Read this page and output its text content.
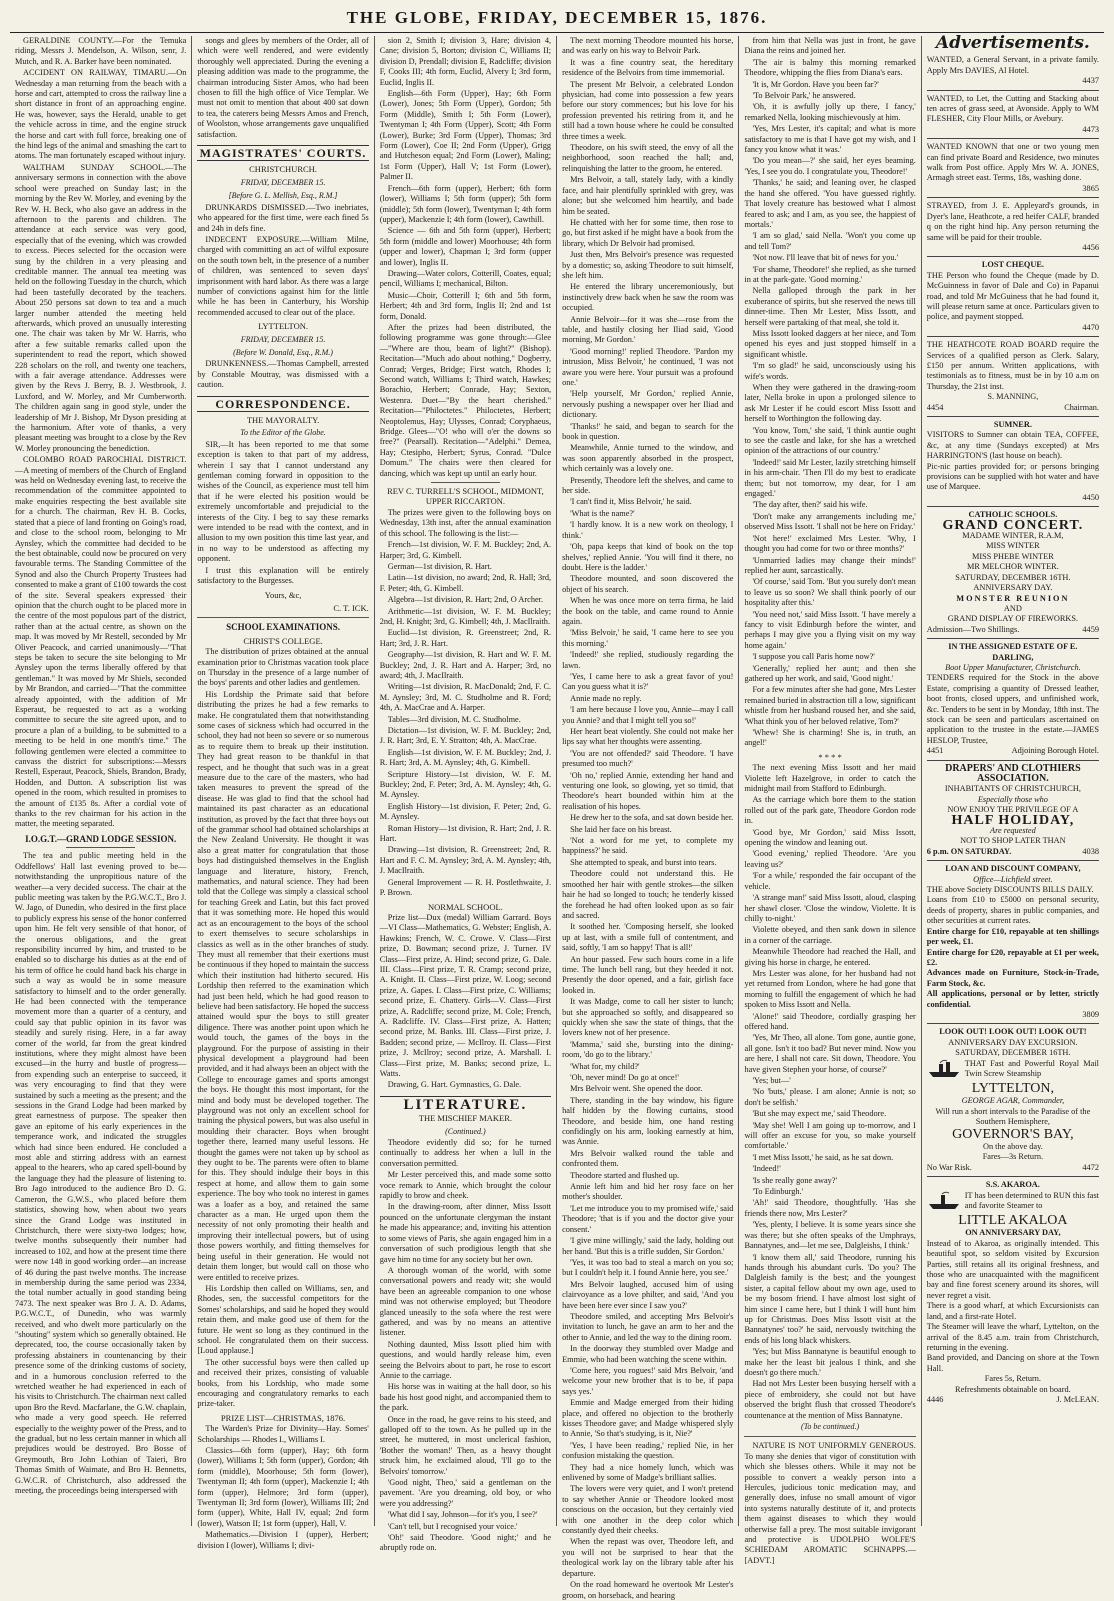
THE GLOBE, FRIDAY, DECEMBER 15, 1876.

GERALDINE COUNTY.—For the Temuka riding, Messrs J. Mendelson, A. Wilson, senr, J. Mutch, and R. A. Barker have been nominated.

ACCIDENT ON RAILWAY, TIMARU.—On Wednesday a man returning from the beach with a horse and cart, attempted to cross the railway line a short distance in front of an approaching engine. He was, however, says the Herald, unable to get the vehicle across in time, and the engine struck the horse and cart with full force, breaking one of the hind legs of the animal and smashing the cart to atoms. The man fortunately escaped without injury.

WALTHAM SUNDAY SCHOOL.—The anniversary sermons in connection with the above school were preached on Sunday last; in the morning by the Rev W. Morley, and evening by the Rev W. H. Beck, who also gave an address in the afternoon to the parents and children. The attendance at each service was very good, especially that of the evening, which was crowded to excess. Pieces selected for the occasion were sung by the children in a very pleasing and creditable manner. The annual tea meeting was held on the following Tuesday in the church, which had been tastefully decorated by the teachers. About 250 persons sat down to tea and a much larger number attended the meeting held afterwards, which proved an unusually interesting one. The chair was taken by Mr W. Harris, who after a few suitable remarks called upon the superintendent to read the report, which showed 228 scholars on the roll, and twenty one teachers, with a fair average attendance. Addresses were given by the Revs J. Berry, B. J. Westbrook, J. Luxford, and W. Morley, and Mr Cumberworth. The children again sang in good style, under the leadership of Mr J. Bishop, Mr Dyson presiding at the harmonium. After vote of thanks, a very pleasant meeting was brought to a close by the Rev W. Morley pronouncing the benediction.

COLOMBO ROAD PAROCHIAL DISTRICT.—A meeting of members of the Church of England was held on Wednesday evening last, to receive the recommendation of the committee appointed to make enquiries respecting the best available site for a church. The chairman, Rev H. B. Cocks, stated that a piece of land fronting on Going's road, and close to the school room, belonging to Mr Aynsley, which the committee had decided to be the best obtainable, could now be procured on very favourable terms. The Standing Committee of the Synod and also the Church Property Trustees had consented to make a grant of £100 towards the cost of the site. Several speakers expressed their opinion that the church ought to be placed more in the centre of the most populous part of the district, rather than at the actual centre, as shown on the map. It was moved by Mr Restell, seconded by Mr Oliver Peacock, and carried unanimously—"That steps be taken to secure the site belonging to Mr Aynsley upon the terms liberally offered by that gentleman." It was moved by Mr Shiels, seconded by Mr Brandon, and carried—"That the committee already appointed, with the addition of Mr Esperaut, be requested to act as a working committee to secure the site agreed upon, and to procure a plan of a building, to be submitted to a meeting to be held in one month's time." The following gentlemen were elected a committee to canvass the district for subscriptions:—Messrs Restell, Esperaut, Peacock, Shiels, Brandon, Brady, Hodden, and Dutton. A subscription list was opened in the room, which resulted in promises to the amount of £135 8s. After a cordial vote of thanks to the rev chairman for his action in the matter, the meeting separated.

I.O.G.T.—GRAND LODGE SESSION.

The tea and public meeting held in the Oddfellows' Hall last evening proved to be—notwithstanding the unpropitious nature of the weather—a very decided success. The chair at the public meeting was taken by the P.G.W.C.T., Bro J. W. Jago, of Dunedin, who desired in the first place to publicly express his sense of the honor conferred upon him. He felt very sensible of that honor, of the onerous obligations, and the great responsibility incurred by him, and trusted to be enabled so to discharge his duties as at the end of his term of office he could hand back his charge in such a way as would be in some measure satisfactory to himself and to the order generally. He had been connected with the temperance movement more than a quarter of a century, and could say that public opinion in its favor was steadily and surely rising. Here, in a far away corner of the world, far from the great kindred institutions, where they might almost have been excused—in the hurry and bustle of progress—from expending such an enterprise to succeed, it was very encouraging to find that they were sustained by such a meeting as the present; and the sessions in the Grand Lodge had been marked by great earnestness of purpose. The speaker then gave an epitome of his early experiences in the temperance work, and indicated the struggles which had since been endured. He concluded a most able and stirring address with an earnest appeal to the hearers, who ap cared spell-bound by the language they had the pleasure of listening to. Bro Jago introduced to the audience Bro D. G. Cameron, the G.W.S., who placed before them statistics, showing how, when about two years since the Grand Lodge was instituted in Christchurch, there were sixty-two lodges; how, twelve months subsequently their number had increased to 102, and how at the present time there were now 148 in good working order—an increase of 46 during the past twelve months. The increase in membership during the same period was 2334, the total number actually in good standing being 7473. The next speaker was Bro J. A. D. Adams, P.G.W.C.T., of Dunedin, who was warmly received, and who dwelt more particularly on the "shouting" system which so generally obtained. He deprecated, too, the course occasionally taken by professing abstainers in countenancing by their presence some of the drinking customs of society, and in a humorous conclusion referred to the wretched weather he had experienced in each of his visits to Christchurch. The chairman next called upon Bro the Revd. Macfarlane, the G.W. chaplain, who made a very good speech. He referred especially to the weighty power of the Press, and to the gradual, but no less certain manner in which all prejudices would be destroyed. Bro Bosse of Greymouth, Bro John Lothian of Taieri, Bro Thomas Smith of Waimate, and Bro H. Bennetts, G.W.C.R. of Christchurch, also addressed the meeting, the proceedings being interspersed with

songs and glees by members of the Order, all of which were well rendered, and were evidently thoroughly well appreciated. During the evening a pleasing addition was made to the programme, the chairman introducing Sister Amos, who had been chosen to fill the high office of Vice Templar. We must not omit to mention that about 400 sat down to tea, the caterers being Messrs Amos and French, of Woolston, whose arrangements gave unqualified satisfaction.

MAGISTRATES' COURTS.
CHRISTCHURCH.
FRIDAY, DECEMBER 15.
[Before G. L. Mellish, Esq., R.M.]

DRUNKARDS DISMISSED.—Two inebriates, who appeared for the first time, were each fined 5s and 24h in defs fine.

INDECENT EXPOSURE.—William Milne, charged with committing an act of wilful exposure on the south town belt, in the presence of a number of children, was sentenced to seven days' imprisonment with hard labor. As there was a large number of convictions against him for the little while he has been in Canterbury, his Worship recommended accused to clear out of the place.

LYTTELTON.
FRIDAY, DECEMBER 15.
(Before W. Donald, Esq., R.M.)

DRUNKENNESS.—Thomas Campbell, arrested by Constable Moutray, was dismissed with a caution.

CORRESPONDENCE.
THE MAYORALTY.
To the Editor of the Globe.

SIR,—It has been reported to me that some exception is taken to that part of my address, wherein I say that I cannot understand any gentleman coming forward in opposition to the wishes of the Council, as experience must tell him that if he were elected his position would be extremely uncomfortable and prejudicial to the interests of the City. I beg to say these remarks were intended to be read with the context, and in allusion to my own position this time last year, and in no way to be understood as affecting my opponent.

I trust this explanation will be entirely satisfactory to the Burgesses.

Yours, &c,
C. T. ICK.
SCHOOL EXAMINATIONS.
CHRIST'S COLLEGE.

The distribution of prizes obtained at the annual examination prior to Christmas vacation took place on Thursday in the presence of a large number of the boys' parents and other ladies and gentlemen.

His Lordship the Primate said that before distributing the prizes he had a few remarks to make. He congratulated them that notwithstanding some cases of sickness which had occurred in the school, they had not been so severe or so numerous as to require them to break up their institution. They had great reason to be thankful in that respect, and he thought that such was in a great measure due to the care of the masters, who had taken measures to prevent the spread of the disease. He was glad to find that the school had maintained its past character as an educational institution, as proved by the fact that three boys out of the grammar school had obtained scholarships at the New Zealand University. He thought it was also a great matter for congratulation that those boys had distinguished themselves in the English language and literature, history, French, mathematics, and natural science. They had been told that the College was simply a classical school for teaching Greek and Latin, but this fact proved that it was something more. He hoped this would act as an encouragement to the boys of the school to exert themselves to secure scholarships in classics as well as in the other branches of study. They must all remember that their exertions must be continuous if they hoped to maintain the success which their institution had hitherto secured. His Lordship then referred to the examination which had just been held, which he had good reason to believe had been satisfactory. He hoped the success attained would spur the boys to still greater diligence. There was another point upon which he would touch, the games of the boys in the playground. For the purpose of assisting in their physical development a playground had been provided, and it had always been an object with the College to encourage games and sports amongst the boys. He thought this most important, for the mind and body must be developed together. The playground was not only an excellent school for training the physical powers, but was also useful in moulding their character. Boys when brought together there, learned many useful lessons. He thought the games were not taken up by school as they ought to be. The parents were often to blame for this. They should indulge their boys in this respect at home, and allow them to gain some experience. The boy who took no interest in games was a loafer as a boy, and retained the same character as a man. He urged upon them the necessity of not only promoting their health and improving their intellectual powers, but of using those powers worthily, and fitting themselves for being useful in their generation. He would not detain them longer, but would call on those who were entitled to receive prizes.

His Lordship then called on Williams, sen, and Rhodes, sen, the successful competitors for the Somes' scholarships, and said he hoped they would retain them, and make good use of them for the future. He went so long as they continued in the school. He congratulated them on their success. [Loud applause.]

The other successful boys were then called up and received their prizes, consisting of valuable books, from his Lordship, who made some encouraging and congratulatory remarks to each prize-taker.

PRIZE LIST—CHRISTMAS, 1876.

The Warden's Prize for Divinity—Hay. Somes' Scholarships — Rhodes I., Williams I.

Classics—6th form (upper), Hay; 6th form (lower), Williams I; 5th form (upper), Gordon; 4th form (middle), Moorhouse; 5th form (lower), Twentyman II; 4th form (upper), Mackenzie I; 4th form (upper), Helmore; 3rd form (upper), Twentyman II; 3rd form (lower), Williams III; 2nd form (upper), White, Hall IV, equal; 2nd form (lower), Watson II; 1st form (upper), Hall, V.

Mathematics.—Division I (upper), Herbert; division I (lower), Williams I; divi-

sion 2, Smith I; division 3, Hare; division 4, Cane; division 5, Borton; division C, Williams II; division D, Prendall; division E, Radcliffe; division F, Cooks III; 4th form, Euclid, Alvery I; 3rd form, Euclid, Inglis II.

English—6th Form (Upper), Hay; 6th Form (Lower), Jones; 5th Form (Upper), Gordon; 5th Form (Middle), Smith I; 5th Form (Lower), Twentyman I; 4th Form (Upper), Scott; 4th Form (Lower), Burke; 3rd Form (Upper), Thomas; 3rd Form (Lower), Coe II; 2nd Form (Upper), Grigg and Hutcheson equal; 2nd Form (Lower), Maling; 1st Form (Upper), Hall V; 1st Form (Lower), Palmer II.

French—6th form (upper), Herbert; 6th form (lower), Williams I; 5th form (upper); 5th form (middle); 5th form (lower), Twentyman I; 4th form (upper), Mackenzie I; 4th form (lower), Cawthill.

Science — 6th and 5th form (upper), Herbert; 5th form (middle and lower) Moorhouse; 4th form (upper and lower), Chapman I; 3rd form (upper and lower), Inglis II.

Drawing—Water colors, Cotterill, Coates, equal; pencil, Williams I; mechanical, Bilton.

Music—Choir, Cotterill I; 6th and 5th form, Herbert; 4th and 3rd form, Inglis II; 2nd and 1st form, Donald.

After the prizes had been distributed, the following programme was gone through:—Glee—"Where are thou, beam of light?" (Bishop). Recitation—"Much ado about nothing," Dogberry, Conrad; Verges, Bridge; First watch, Rhodes I; Second watch, Williams I; Third watch, Hawkes; Borachio, Herbert; Conrade, Hay; Sexton, Westenra. Duet—"By the heart cherished." Recitation—"Philoctetes." Philoctetes, Herbert; Neoptolemus, Hay; Ulysses, Conrad; Coryphaeus, Bridge. Glees—"O! who will o'er the downs so free?" (Pearsall). Recitation—"Adelphi." Demea, Hay; Ctesipho, Herbert; Syrus, Conrad. "Dulce Domum." The chairs were then cleared for dancing, which was kept up until an early hour.

REV C. TURRELL'S SCHOOL, MIDMONT, UPPER RICCARTON.

The prizes were given to the following boys on Wednesday, 13th inst, after the annual examination of this school. The following is the list:—

French—1st division, W. F. M. Buckley; 2nd, A. Harper; 3rd, G. Kimbell.

German—1st division, R. Hart.

Latin—1st division, no award; 2nd, R. Hall; 3rd, F. Peter; 4th, G. Kimbell.

Algebra—1st division, R. Hart; 2nd, O Archer.

Arithmetic—1st division, W. F. M. Buckley; 2nd, H. Knight; 3rd, G. Kimbell; 4th, J. MacIlraith.

Euclid—1st division, R. Greenstreet; 2nd, R. Hart; 3rd, J. R. Hart.

Geography—1st division, R. Hart and W. F. M. Buckley; 2nd, J. R. Hart and A. Harper; 3rd, no award; 4th, J. MacIlraith.

Writing—1st division, R. MacDonald; 2nd, F. C. M. Aynsley; 3rd, M. C. Studholme and R. Ford; 4th, A. MacCrae and A. Harper.

Tables—3rd division, M. C. Studholme.

Dictation—1st division, W. F. M. Buckley; 2nd, J. R. Hart; 3rd, E. Y. Stratton; 4th, A. MacCrae.

English—1st division, W. F. M. Buckley; 2nd, J. R. Hart; 3rd, A. M. Aynsley; 4th, G. Kimbell.

Scripture History—1st division, W. F. M. Buckley; 2nd, F. Peter; 3rd, A. M. Aynsley; 4th, G. M. Aynsley.

English History—1st division, F. Peter; 2nd, G. M. Aynsley.

Roman History—1st division, R. Hart; 2nd, J. R. Hart.

Drawing—1st division, R. Greenstreet; 2nd, R. Hart and F. C. M. Aynsley; 3rd, A. M. Aynsley; 4th, J. MacIlraith.

General Improvement — R. H. Postlethwaite, J. P. Brown.

NORMAL SCHOOL.

Prize list—Dux (medal) William Garrard. Boys—VI Class—Mathematics, G. Webster; English, A. Hawkins; French, W. C. Crowe. V. Class—First prize, D. Bowman; second prize, J. Turner. IV Class—First prize, A. Hind; second prize, G. Dale. III. Class—First prize, T. R. Cramp; second prize, A. Knight. II. Class—First prize, W. Loog; second prize, A. Gapes. I. Class—First prize, C. Williams; second prize, E. Chattery. Girls—V. Class—First prize, A. Radcliffe; second prize, M. Cole; French, A. Radcliffe. IV. Class—First prize, A. Hatten; second prize, M. Banks. III. Class—First prize, J. Badden; second prize, — McIlroy. II. Class—First prize, J. McIlroy; second prize, A. Marshall. I. Class—First prize, M. Banks; second prize, L. Watts.

Drawing, G. Hart. Gymnastics, G. Dale.

LITERATURE.
THE MISCHIEF MAKER.
(Continued.)

Theodore evidently did so; for he turned continually to address her when a lull in the conversation permitted.

Mr Lester perceived this, and made some sotto voce remark to Annie, which brought the colour rapidly to brow and cheek.

In the drawing-room, after dinner, Miss Issott pounced on the unfortunate clergyman the instant he made his appearance; and, inviting his attention to some views of Paris, she again engaged him in a conversation of such prodigious length that she gave him no time for any society but her own.

A thorough woman of the world, with some conversational powers and ready wit; she would have been an agreeable companion to one whose mind was not otherwise employed; but Theodore glanced uneasily to the sofa where the rest were gathered, and was by no means an attentive listener.

Nothing daunted, Miss Issott plied him with questions, and would hardly release him, even seeing the Belvoirs about to part, he rose to escort Annie to the carriage.

His horse was in waiting at the hall door, so his bade his host good night, and accompanied them to the park.

Once in the road, he gave reins to his steed, and galloped off to the town. As he pulled up in the street, he muttered, in most unclerical fashion, 'Bother the woman!' Then, as a heavy thought struck him, he exclaimed aloud, 'I'll go to the Belvoirs' tomorrow.'

'Good night, Theo,' said a gentleman on the pavement. 'Are you dreaming, old boy, or who were you addressing?'

'What did I say, Johnson—for it's you, I see?'

'Can't tell, but I recognised your voice.'

'Oh!' said Theodore. 'Good night;' and he abruptly rode on.

The next morning Theodore mounted his horse, and was early on his way to Belvoir Park.

It was a fine country seat, the hereditary residence of the Belvoirs from time immemorial.

The present Mr Belvoir, a celebrated London physician, had come into possession a few years before our story commences; but his love for his profession prevented his retiring from it, and he still had a town house where he could be consulted three times a week.

Theodore, on his swift steed, the envy of all the neighborhood, soon reached the hall; and, relinquishing the latter to the groom, he entered.

Mrs Belvoir, a tall, stately lady, with a kindly face, and hair plentifully sprinkled with grey, was alone; but she welcomed him heartily, and bade him be seated.

He chatted with her for some time, then rose to go, but first asked if he might have a book from the library, which Dr Belvoir had promised.

Just then, Mrs Belvoir's presence was requested by a domestic; so, asking Theodore to suit himself, she left him.

He entered the library unceremoniously, but instinctively drew back when he saw the room was occupied.

Annie Belvoir—for it was she—rose from the table, and hastily closing her Iliad said, 'Good morning, Mr Gordon.'

'Good morning!' replied Theodore. 'Pardon my intrusion, Miss Belvoir,' he continued, 'I was not aware you were here. Your pursuit was a profound one.'

'Help yourself, Mr Gordon,' replied Annie, nervously pushing a newspaper over her Iliad and dictionary.

'Thanks!' he said, and began to search for the book in question.

Meanwhile, Annie turned to the window, and was soon apparently absorbed in the prospect, which certainly was a lovely one.

Presently, Theodore left the shelves, and came to her side.

'I can't find it, Miss Belvoir,' he said.

'What is the name?'

'I hardly know. It is a new work on theology, I think.'

'Oh, papa keeps that kind of book on the top shelves,' replied Annie. 'You will find it there, no doubt. Here is the ladder.'

Theodore mounted, and soon discovered the object of his search.

When he was once more on terra firma, he laid the book on the table, and came round to Annie again.

'Miss Belvoir,' he said, 'I came here to see you this morning.'

'Indeed!' she replied, studiously regarding the lawn.

'Yes, I came here to ask a great favor of you! Can you guess what it is?'

Annie made no reply.

'I am here because I love you, Annie—may I call you Annie? and that I might tell you so!'

Her heart beat violently. She could not make her lips say what her thoughts were assenting.

'You are not offended?' said Theodore. 'I have presumed too much?'

'Oh no,' replied Annie, extending her hand and venturing one look, so glowing, yet so timid, that Theodore's heart bounded within him at the realisation of his hopes.

He drew her to the sofa, and sat down beside her.

She laid her face on his breast.

'Not a word for me yet, to complete my happiness?' he said.

She attempted to speak, and burst into tears.

Theodore could not understand this. He smoothed her hair with gentle strokes—the silken hair he had so longed to touch; he tenderly kissed the forehead he had often looked upon as so fair and sacred.

It soothed her. 'Composing herself, she looked up at last, with a smile full of contentment, and said, softly, 'I am so happy! That is all!'

An hour passed. Few such hours come in a life time. The lunch bell rang, but they heeded it not. Presently the door opened, and a fair, girlish face looked in.

It was Madge, come to call her sister to lunch; but she approached so softly, and disappeared so quickly when she saw the state of things, that the lovers knew not of her presence.

'Mamma,' said she, bursting into the dining-room, 'do go to the library.'

'What for, my child?'

'Oh, never mind! Do go at once!'

Mrs Belvoir went. She opened the door.

There, standing in the bay window, his figure half hidden by the flowing curtains, stood Theodore, and beside him, one hand resting confidingly on his arm, looking earnestly at him, was Annie.

Mrs Belvoir walked round the table and confronted them.

Theodore started and flushed up.

Annie left him and hid her rosy face on her mother's shoulder.

'Let me introduce you to my promised wife,' said Theodore; 'that is if you and the doctor give your consent.'

'I give mine willingly,' said the lady, holding out her hand. 'But this is a trifle sudden, Sir Gordon.'

'Yes, it was too bad to steal a march on you so; but I couldn't help it. I found Annie here, you see.'

Mrs Belvoir laughed, accused him of using clairvoyance as a love philter, and said, 'And you have been here ever since I saw you?'

Theodore smiled, and accepting Mrs Belvoir's invitation to lunch, he gave an arm to her and the other to Annie, and led the way to the dining room.

In the doorway they stumbled over Madge and Emmie, who had been watching the scene within.

'Come here, you rogues!' said Mrs Belvoir, 'and welcome your new brother that is to be, if papa says yes.'

Emmie and Madge emerged from their hiding place, and offered no objection to the brotherly kisses Theodore gave; and Madge whispered slyly to Annie, 'So that's studying, is it, Nie?'

'Yes, I have been reading,' replied Nie, in her confusion mistaking the question.

They had a nice homely lunch, which was enlivened by some of Madge's brilliant sallies.

The lovers were very quiet, and I won't pretend to say whether Annie or Theodore looked most conscious on the occasion, but they certainly vied with one another in the deep color which constantly dyed their cheeks.

When the repast was over, Theodore left, and you will not be surprised to hear that the theological work lay on the library table after his departure.

On the road homeward he overtook Mr Lester's groom, on horseback, and hearing

from him that Nella was just in front, he gave Diana the reins and joined her.

'The air is balmy this morning remarked Theodore, whipping the flies from Diana's ears.

'It is, Mr Gordon. Have you been far?'

'To Belvoir Park,' he answered.

'Oh, it is awfully jolly up there, I fancy,' remarked Nella, looking mischievously at him.

'Yes, Mrs Lester, it's capital; and what is more satisfactory to me is that I have got my wish, and I fancy you know what it was.'

'Do you mean—?' she said, her eyes beaming. 'Yes, I see you do. I congratulate you, Theodore!'

'Thanks,' he said; and leaning over, he clasped the hand she offered. 'You have guessed rightly. That lovely creature has bestowed what I almost feared to ask; and I am, as you see, the happiest of mortals.'

'I am so glad,' said Nella. 'Won't you come up and tell Tom?'

'Not now. I'll leave that bit of news for you.'

'For shame, Theodore!' she replied, as she turned in at the park-gate. 'Good morning.'

Nella galloped through the park in her exuberance of spirits, but she reserved the news till dinner-time. Then Mr Lester, Miss Issott, and herself were partaking of that meal, she told it.

Miss Issott looked daggers at her niece, and Tom opened his eyes and just stopped himself in a significant whistle.

'I'm so glad!' he said, unconsciously using his wife's words.

When they were gathered in the drawing-room later, Nella broke in upon a prolonged silence to ask Mr Lester if he could escort Miss Issott and herself to Worthington the following day.

'You know, Tom,' she said, 'I think auntie ought to see the castle and lake, for she has a wretched opinion of the attractions of our country.'

'Indeed!' said Mr Lester, lazily stretching himself in his arm-chair. 'Then I'll do my best to eradicate them; but not tomorrow, my dear, for I am engaged.'

'The day after, then?' said his wife.

'Don't make any arrangements including me,' observed Miss Issott. 'I shall not be here on Friday.'

'Not here!' exclaimed Mrs Lester. 'Why, I thought you had come for two or three months?'

'Unmarried ladies may change their minds!' replied her aunt, sarcastically.

'Of course,' said Tom. 'But you surely don't mean to leave us so soon? We shall think poorly of our hospitality after this.'

'You need not,' said Miss Issott. 'I have merely a fancy to visit Edinburgh before the winter, and perhaps I may give you a flying visit on my way home again.'

'I suppose you call Paris home now?'

'Generally,' replied her aunt; and then she gathered up her work, and said, 'Good night.'

For a few minutes after she had gone, Mrs Lester remained buried in abstraction till a low, significant whistle from her husband roused her, and she said, 'What think you of her beloved relative, Tom?'

'Whew! She is charming! She is, in truth, an angel!'

* * * *

The next evening Miss Issott and her maid Violette left Hazelgrove, in order to catch the midnight mail from Stafford to Edinburgh.

As the carriage which bore them to the station rolled out of the park gate, Theodore Gordon rode in.

'Good bye, Mr Gordon,' said Miss Issott, opening the window and leaning out.

'Good evening,' replied Theodore. 'Are you leaving us?'

'For a while,' responded the fair occupant of the vehicle.

'A strange man!' said Miss Issott, aloud, clasping her shawl closer. 'Close the window, Violette. It is chilly to-night.'

Violette obeyed, and then sank down in silence in a corner of the carriage.

Meanwhile Theodore had reached the Hall, and giving his horse in charge, he entered.

Mrs Lester was alone, for her husband had not yet returned from London, where he had gone that morning to fulfill the engagement of which he had spoken to Miss Issott and Nella.

'Alone!' said Theodore, cordially grasping her offered hand.

'Yes, Mr Theo, all alone. Tom gone, auntie gone, all gone. Isn't it too bad? But never mind. Now you are here, I shall not care. Sit down, Theodore. You have given Stephen your horse, of course?'

'Yes; but—'

'No 'buts,' please. I am alone; Annie is not; so don't be selfish.'

'But she may expect me,' said Theodore.

'May she! Well I am going up to-morrow, and I will offer an excuse for you, so make yourself comfortable.'

'I met Miss Issott,' he said, as he sat down.

'Indeed!'

'Is she really gone away?'

'To Edinburgh.'

'Ah!' said Theodore, thoughtfully. 'Has she friends there now, Mrs Lester?'

'Yes, plenty, I believe. It is some years since she was there; but she often speaks of the Umphrays, Bannatynes, and—let me see, Dalgleishs, I think.'

'I know them all,' said Theodore, running his hands through his abundant curls. 'Do you? The Dalgleish family is the best; and the youngest sister, a capital fellow about my own age, used to be my bosom friend. I have almost lost sight of him since I came here, but I think I will hunt him up for Christmas. Does Miss Issott visit at the Bannatynes' too?' he said, nervously twitching the ends of his long black whiskers.

'Yes; but Miss Bannatyne is beautiful enough to make her the least bit jealous I think, and she doesn't go there much.'

Had not Mrs Lester been busying herself with a piece of embroidery, she could not but have observed the bright flush that crossed Theodore's countenance at the mention of Miss Bannatyne.

(To be continued.)

NATURE IS NOT UNIFORMLY GENEROUS. To many she denies that vigor of constitution with which she blesses others. While it may not be possible to convert a weakly person into a Hercules, judicious tonic medication may, and generally does, infuse no small amount of vigor into systems naturally destitute of it, and protects them against diseases to which they would otherwise fall a prey. The most suitable invigorant and protective is UDOLPHO WOLFE'S SCHIEDAM AROMATIC SCHNAPPS.—[ADVT.]

Advertisements.
WANTED, a General Servant, in a private family. Apply Mrs DAVIES, Al Hotel.
4437
WANTED, to Let, the Cutting and Stacking about ten acres of grass seed, at Avonside. Apply to WM FLESHER, City Flour Mills, or Avebury.
4473
WANTED KNOWN that one or two young men can find private Board and Residence, two minutes walk from Post office. Apply Mrs W. A. JONES, Armagh street east. Terms, 18s, washing done.
3865
STRAYED, from J. E. Appleyard's grounds, in Dyer's lane, Heathcote, a red heifer CALF, branded q on the right hind hip. Any person returning the same will be paid for their trouble.
4456
LOST CHEQUE.
THE Person who found the Cheque (made by D. McGuinness in favor of Dale and Co) in Papanui road, and told Mr McGuiness that he had found it, will please return same at once. Particulars given to police, and payment stopped.
4470
THE HEATHCOTE ROAD BOARD require the Services of a qualified person as Clerk. Salary, £150 per annum. Written applications, with testimonials as to fitness, must be in by 10 a.m on Thursday, the 21st inst.
S. MANNING,
4454	Chairman.
SUMNER.
VISITORS to Sumner can obtain TEA, COFFEE, &c, at any time (Sundays excepted) at Mrs HARRINGTON'S (last house on beach).
Pic-nic parties provided for; or persons bringing provisions can be supplied with hot water and have use of Marquee.
4450
CATHOLIC SCHOOLS.
GRAND CONCERT.
MADAME WINTER, R.A.M,
MISS WINTER
MISS PHEBE WINTER
MR MELCHOR WINTER.
SATURDAY, DECEMBER 16TH.
ANNIVERSARY DAY.
MONSTER REUNION
AND
GRAND DISPLAY OF FIREWORKS.
Admission—Two Shillings.	4459
IN THE ASSIGNED ESTATE OF E. DARLING,
Boot Upper Manufacturer, Christchurch.
TENDERS required for the Stock in the above Estate, comprising a quantity of Dressed leather, boot fronts, closed uppers, and unfinished work, &c. Tenders to be sent in by Monday, 18th inst. The stock can be seen and particulars ascertained on application to the trustee in the estate.—JAMES HESLOP, Trustee,
4451	Adjoining Borough Hotel.
DRAPERS' AND CLOTHIERS ASSOCIATION.
INHABITANTS OF CHRISTCHURCH,
Especially those who
NOW ENJOY THE PRIVILEGE OF A
HALF HOLIDAY,
Are requested
NOT TO SHOP LATER THAN
6 p.m. ON SATURDAY.	4038
LOAN AND DISCOUNT COMPANY,
Office—Lichfield street.
THE above Society DISCOUNTS BILLS DAILY.
Loans from £10 to £5000 on personal security, deeds of property, shares in public companies, and other securities at current rates.
Entire charge for £10, repayable at ten shillings per week, £1.
Entire charge for £20, repayable at £1 per week, £2.
Advances made on Furniture, Stock-in-Trade, Farm Stock, &c.
All applications, personal or by letter, strictly confidential.
3809
LOOK OUT! LOOK OUT! LOOK OUT!
ANNIVERSARY DAY EXCURSION.
SATURDAY, DECEMBER 16TH.
THAT Fast and Powerful Royal Mail Twin Screw Steamship
LYTTELTON,
GEORGE AGAR, Commander,
Will run a short intervals to the Paradise of the Southern Hemisphere,
GOVERNOR'S BAY,
On the above day.
Fares—3s Return.
No War Risk.	4472
S.S. AKAROA.
IT has been determined to RUN this fast and favorite Steamer to
LITTLE AKALOA
ON ANNIVERSARY DAY,
Instead of to Akaroa, as originally intended. This beautiful spot, so seldom visited by Excursion Parties, still retains all its original freshness, and those who are unacquainted with the magnificent bay and fine forest scenery around its shores, will never regret a visit.
There is a good wharf, at which Excursionists can land, and a first-rate Hotel.
The Steamer will leave the wharf, Lyttelton, on the arrival of the 8.45 a.m. train from Christchurch, returning in the evening.
Band provided, and Dancing on shore at the Town Hall.
Fares 5s, Return.
Refreshments obtainable on board.
4446	J. McLEAN.
